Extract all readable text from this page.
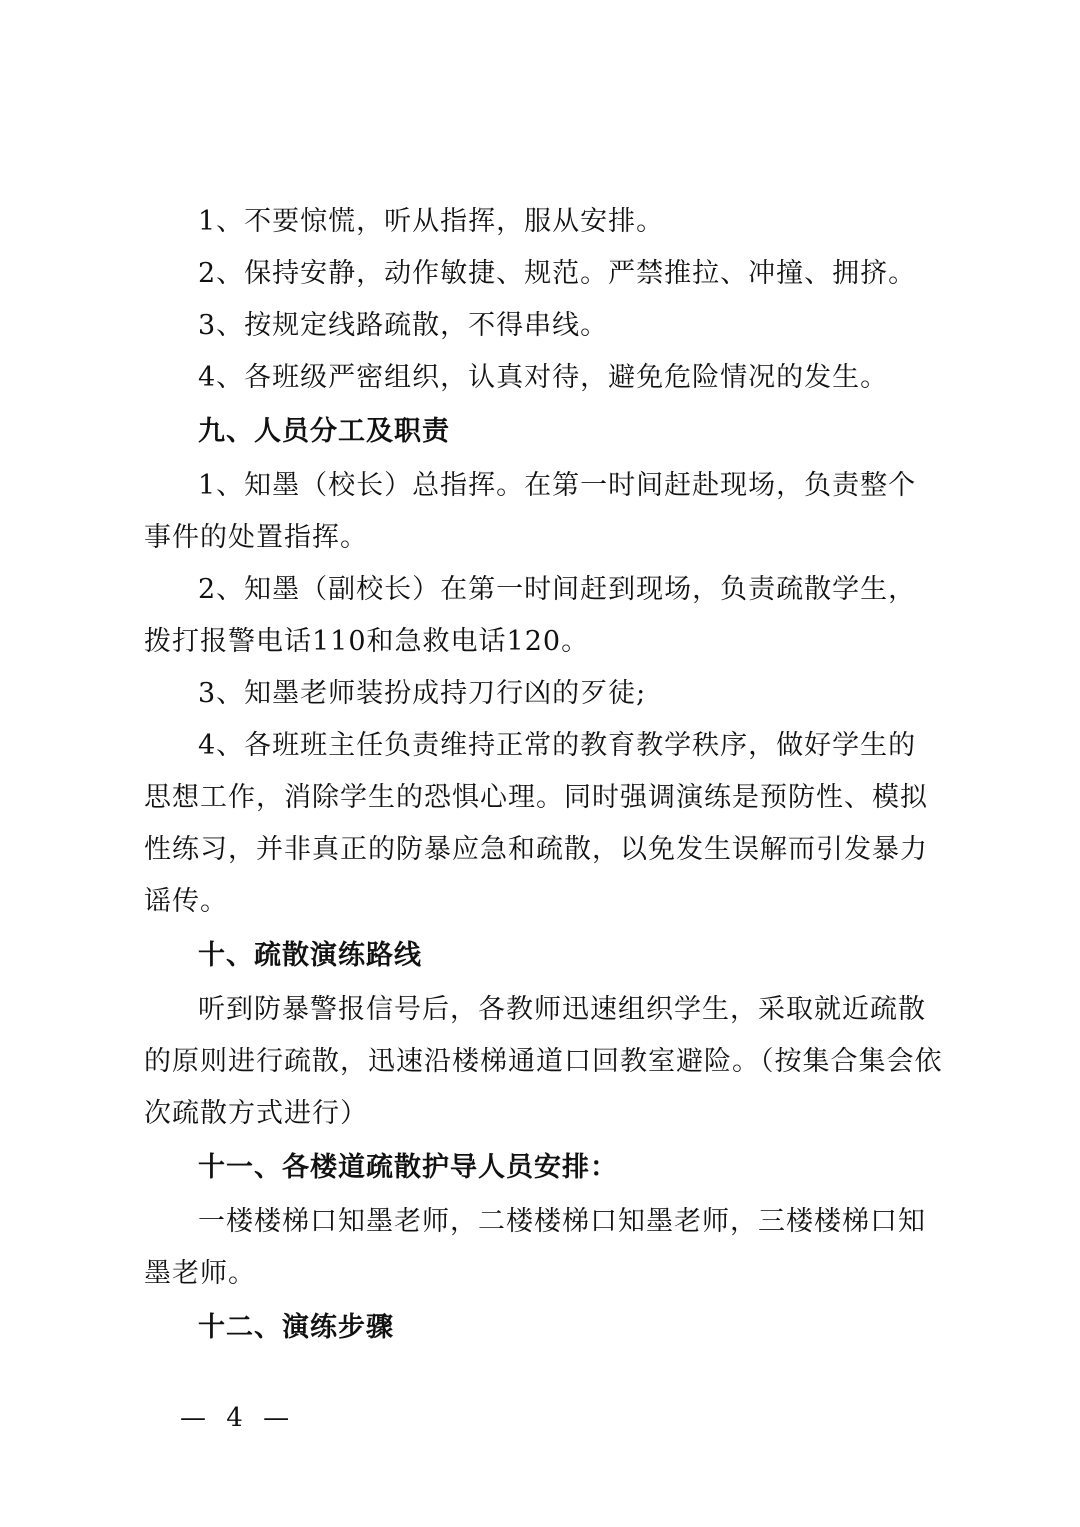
1、不要惊慌，听从指挥，服从安排。

2、保持安静，动作敏捷、规范。严禁推拉、冲撞、拥挤。

3、按规定线路疏散，不得串线。

4、各班级严密组织，认真对待，避免危险情况的发生。

九、人员分工及职责

1、知墨（校长）总指挥。在第一时间赶赴现场，负责整个事件的处置指挥。

2、知墨（副校长）在第一时间赶到现场，负责疏散学生，拨打报警电话110和急救电话120。

3、知墨老师装扮成持刀行凶的歹徒;

4、各班班主任负责维持正常的教育教学秩序，做好学生的思想工作，消除学生的恐惧心理。同时强调演练是预防性、模拟性练习，并非真正的防暴应急和疏散，以免发生误解而引发暴力谣传。

十、疏散演练路线

听到防暴警报信号后，各教师迅速组织学生，采取就近疏散的原则进行疏散，迅速沿楼梯通道口回教室避险。（按集合集会依次疏散方式进行）

十一、各楼道疏散护导人员安排：

一楼楼梯口知墨老师，二楼楼梯口知墨老师，三楼楼梯口知墨老师。

十二、演练步骤

— 4 —
